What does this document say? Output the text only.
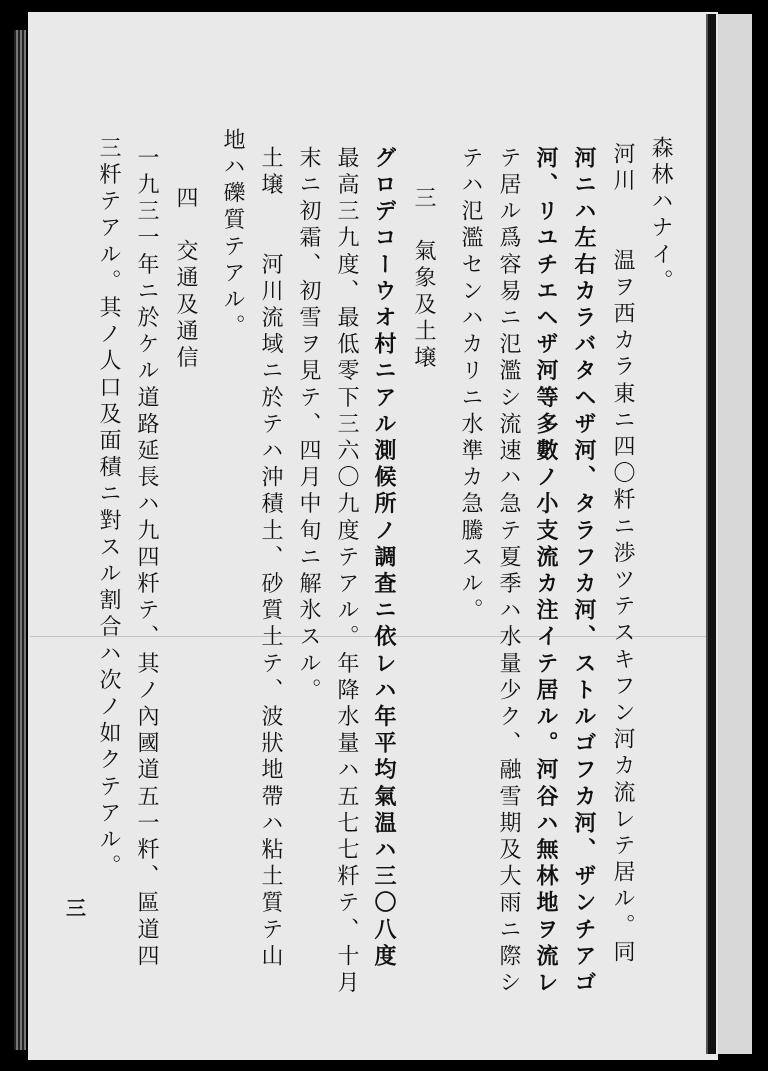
森林ハナイ。
河川　　温ヲ西カラ東ニ四〇粁ニ渉ツテスキフン河カ流レテ居ル。同
河ニハ左右カラバタヘザ河、タラフカ河、ストルゴフカ河、ザンチアゴ
河、リユチエヘザ河等多數ノ小支流カ注イテ居ル。河谷ハ無林地ヲ流レ
テ居ル爲容易ニ氾濫シ流速ハ急テ夏季ハ水量少ク、融雪期及大雨ニ際シ
テハ氾濫センハカリニ水準カ急騰スル。
三　氣象及土壌
グロデコーウオ村ニアル測候所ノ調査ニ依レハ年平均氣温ハ三〇八度
最高三九度、最低零下三六〇九度テアル。年降水量ハ五七七粁テ、十月
末ニ初霜、初雪ヲ見テ、四月中旬ニ解氷スル。
土壌　　河川流域ニ於テハ沖積土、砂質土テ、波狀地帶ハ粘土質テ山
地ハ礫質テアル。
四　交通及通信
一九三一年ニ於ケル道路延長ハ九四粁テ、其ノ內國道五一粁、區道四
三粁テアル。其ノ人口及面積ニ對スル割合ハ次ノ如クテアル。
三
